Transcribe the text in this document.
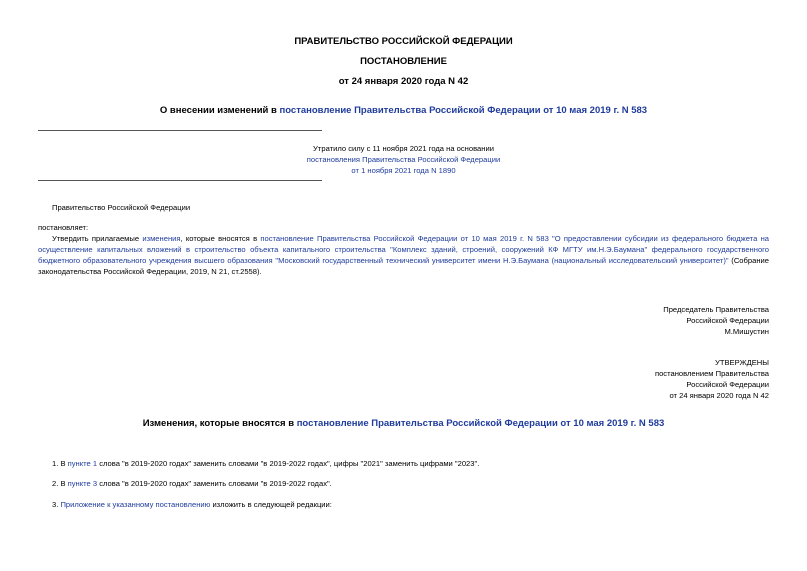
ПРАВИТЕЛЬСТВО РОССИЙСКОЙ ФЕДЕРАЦИИ
ПОСТАНОВЛЕНИЕ
от 24 января 2020 года N 42
О внесении изменений в постановление Правительства Российской Федерации от 10 мая 2019 г. N 583
Утратило силу с 11 ноября 2021 года на основании
постановления Правительства Российской Федерации
от 1 ноября 2021 года N 1890
Правительство Российской Федерации
постановляет:
Утвердить прилагаемые изменения, которые вносятся в постановление Правительства Российской Федерации от 10 мая 2019 г. N 583 "О предоставлении субсидии из федерального бюджета на осуществление капитальных вложений в строительство объекта капитального строительства "Комплекс зданий, строений, сооружений КФ МГТУ им.Н.Э.Баумана" федерального государственного бюджетного образовательного учреждения высшего образования "Московский государственный технический университет имени Н.Э.Баумана (национальный исследовательский университет)" (Собрание законодательства Российской Федерации, 2019, N 21, ст.2558).
Председатель Правительства
Российской Федерации
М.Мишустин
УТВЕРЖДЕНЫ
постановлением Правительства
Российской Федерации
от 24 января 2020 года N 42
Изменения, которые вносятся в постановление Правительства Российской Федерации от 10 мая 2019 г. N 583
1. В пункте 1 слова "в 2019-2020 годах" заменить словами "в 2019-2022 годах", цифры "2021" заменить цифрами "2023".
2. В пункте 3 слова "в 2019-2020 годах" заменить словами "в 2019-2022 годах".
3. Приложение к указанному постановлению изложить в следующей редакции:
